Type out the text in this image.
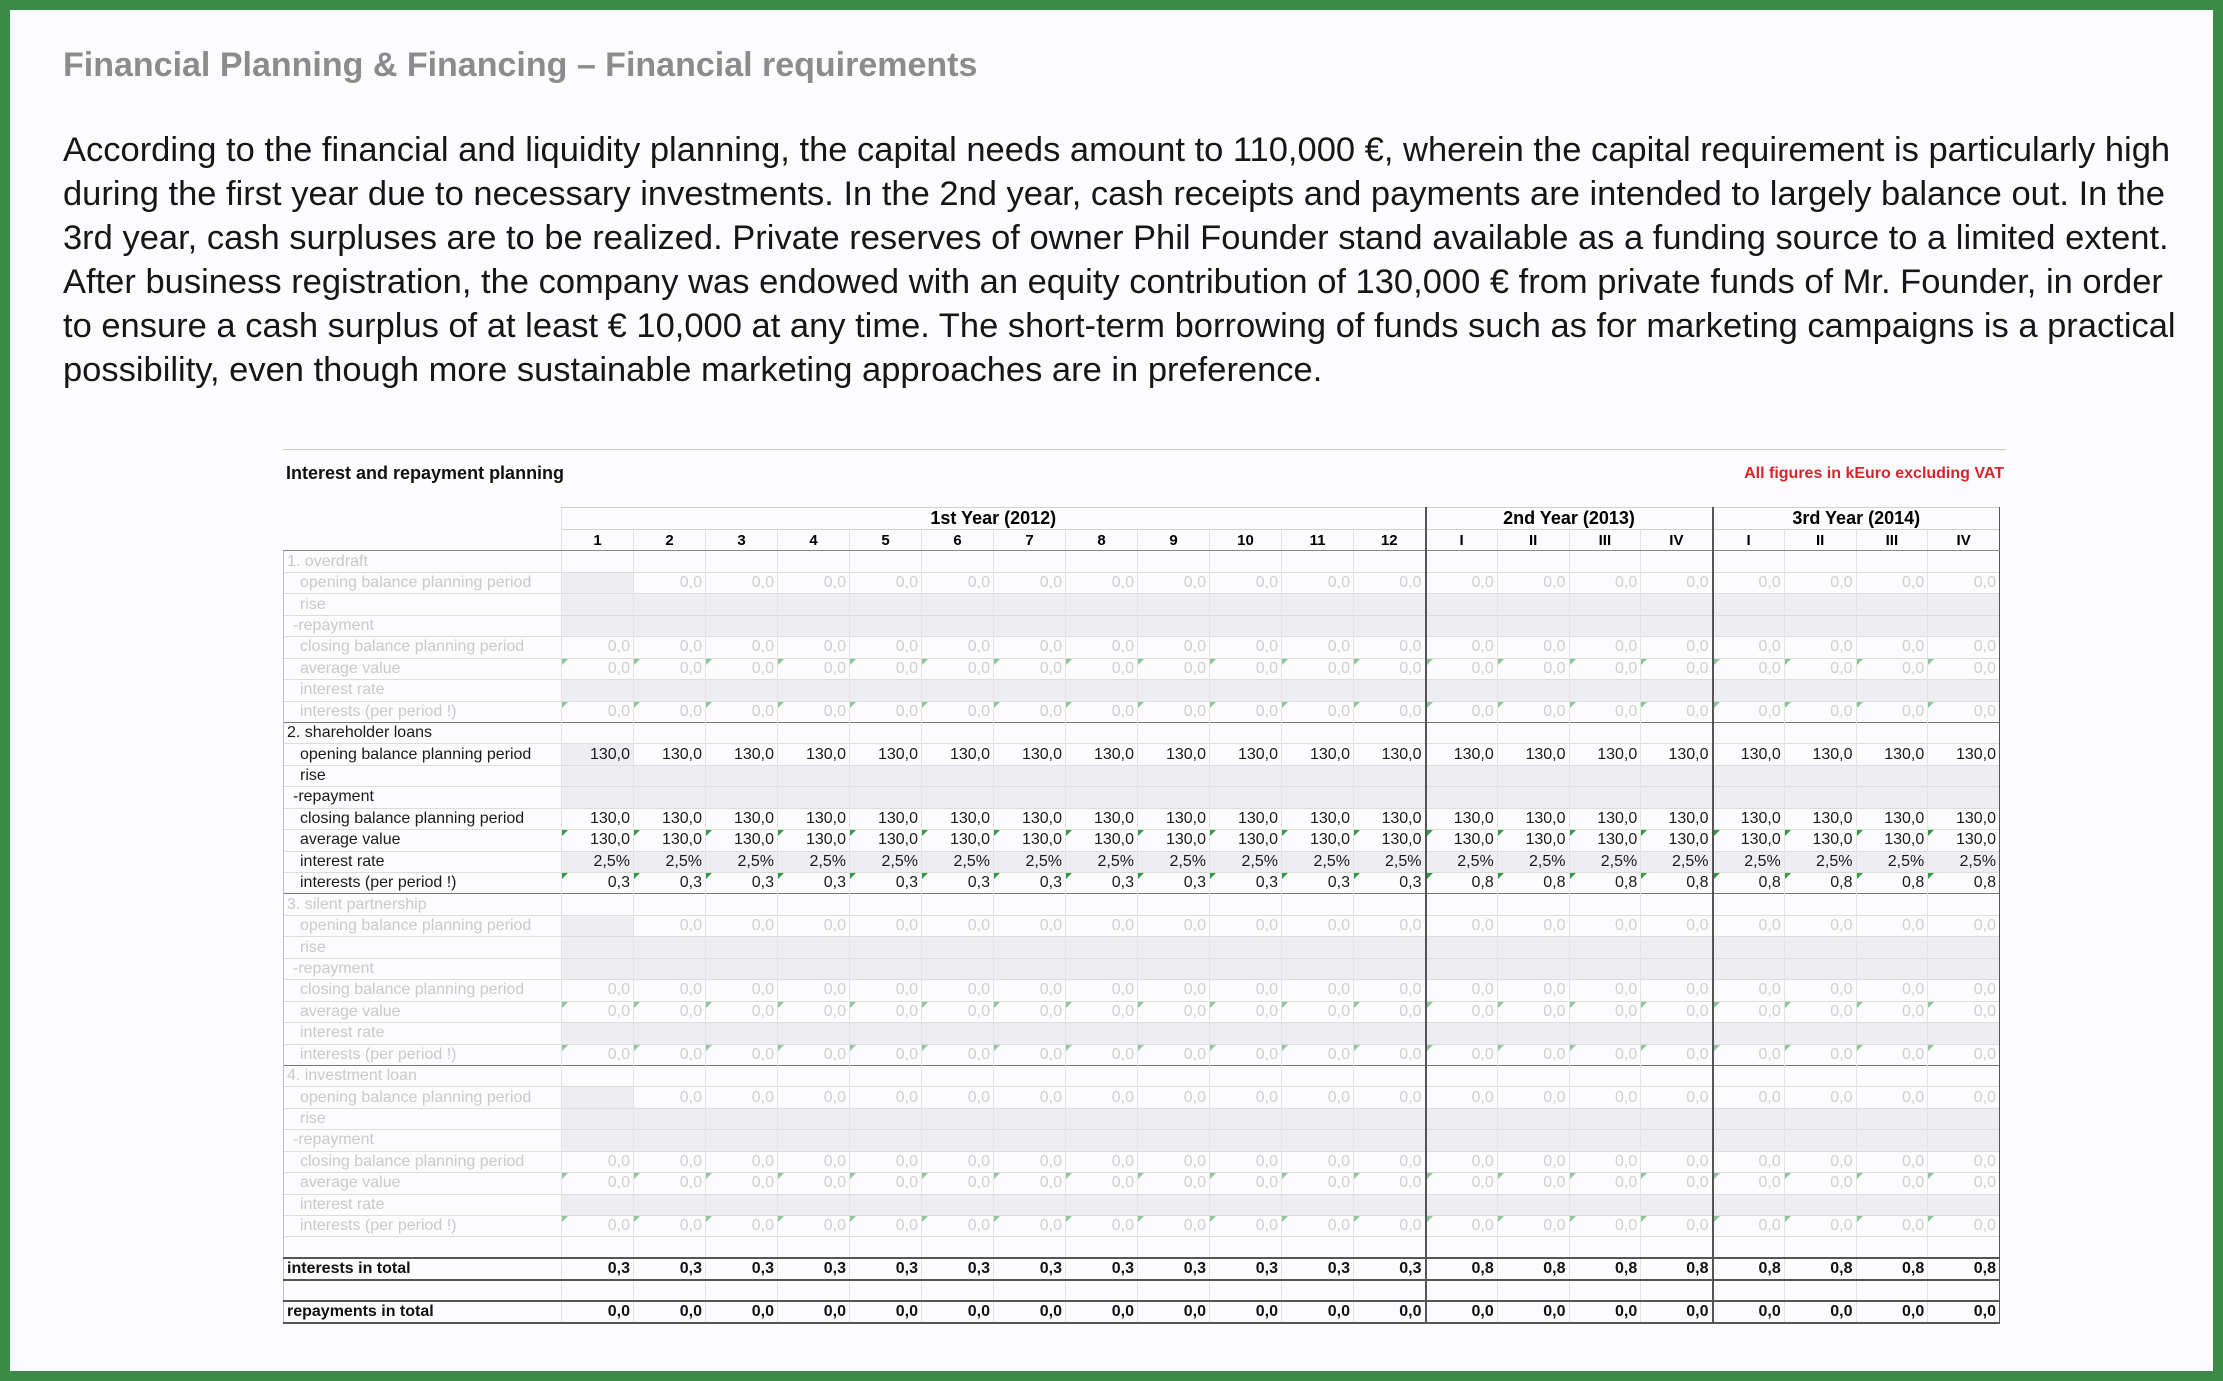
Financial Planning & Financing – Financial requirements
According to the financial and liquidity planning, the capital needs amount to 110,000 €, wherein the capital requirement is particularly high during the first year due to necessary investments. In the 2nd year, cash receipts and payments are intended to largely balance out. In the 3rd year, cash surpluses are to be realized. Private reserves of owner Phil Founder stand available as a funding source to a limited extent. After business registration, the company was endowed with an equity contribution of 130,000 € from private funds of Mr. Founder, in order to ensure a cash surplus of at least € 10,000 at any time. The short-term borrowing of funds such as for marketing campaigns is a practical possibility, even though more sustainable marketing approaches are in preference.
Interest and repayment planning	All figures in kEuro excluding VAT
	1st Year (2012)												2nd Year (2013)				3rd Year (2014)			
	1	2	3	4	5	6	7	8	9	10	11	12	I	II	III	IV	I	II	III	IV
1. overdraft																				
opening balance planning period		0,0	0,0	0,0	0,0	0,0	0,0	0,0	0,0	0,0	0,0	0,0	0,0	0,0	0,0	0,0	0,0	0,0	0,0	0,0
rise																				
-repayment																				
closing balance planning period	0,0	0,0	0,0	0,0	0,0	0,0	0,0	0,0	0,0	0,0	0,0	0,0	0,0	0,0	0,0	0,0	0,0	0,0	0,0	0,0
average value	0,0	0,0	0,0	0,0	0,0	0,0	0,0	0,0	0,0	0,0	0,0	0,0	0,0	0,0	0,0	0,0	0,0	0,0	0,0	0,0
interest rate																				
interests (per period !)	0,0	0,0	0,0	0,0	0,0	0,0	0,0	0,0	0,0	0,0	0,0	0,0	0,0	0,0	0,0	0,0	0,0	0,0	0,0	0,0
2. shareholder loans																				
opening balance planning period	130,0	130,0	130,0	130,0	130,0	130,0	130,0	130,0	130,0	130,0	130,0	130,0	130,0	130,0	130,0	130,0	130,0	130,0	130,0	130,0
rise																				
-repayment																				
closing balance planning period	130,0	130,0	130,0	130,0	130,0	130,0	130,0	130,0	130,0	130,0	130,0	130,0	130,0	130,0	130,0	130,0	130,0	130,0	130,0	130,0
average value	130,0	130,0	130,0	130,0	130,0	130,0	130,0	130,0	130,0	130,0	130,0	130,0	130,0	130,0	130,0	130,0	130,0	130,0	130,0	130,0
interest rate	2,5%	2,5%	2,5%	2,5%	2,5%	2,5%	2,5%	2,5%	2,5%	2,5%	2,5%	2,5%	2,5%	2,5%	2,5%	2,5%	2,5%	2,5%	2,5%	2,5%
interests (per period !)	0,3	0,3	0,3	0,3	0,3	0,3	0,3	0,3	0,3	0,3	0,3	0,3	0,8	0,8	0,8	0,8	0,8	0,8	0,8	0,8
3. silent partnership																				
opening balance planning period		0,0	0,0	0,0	0,0	0,0	0,0	0,0	0,0	0,0	0,0	0,0	0,0	0,0	0,0	0,0	0,0	0,0	0,0	0,0
rise																				
-repayment																				
closing balance planning period	0,0	0,0	0,0	0,0	0,0	0,0	0,0	0,0	0,0	0,0	0,0	0,0	0,0	0,0	0,0	0,0	0,0	0,0	0,0	0,0
average value	0,0	0,0	0,0	0,0	0,0	0,0	0,0	0,0	0,0	0,0	0,0	0,0	0,0	0,0	0,0	0,0	0,0	0,0	0,0	0,0
interest rate																				
interests (per period !)	0,0	0,0	0,0	0,0	0,0	0,0	0,0	0,0	0,0	0,0	0,0	0,0	0,0	0,0	0,0	0,0	0,0	0,0	0,0	0,0
4. investment loan																				
opening balance planning period		0,0	0,0	0,0	0,0	0,0	0,0	0,0	0,0	0,0	0,0	0,0	0,0	0,0	0,0	0,0	0,0	0,0	0,0	0,0
rise																				
-repayment																				
closing balance planning period	0,0	0,0	0,0	0,0	0,0	0,0	0,0	0,0	0,0	0,0	0,0	0,0	0,0	0,0	0,0	0,0	0,0	0,0	0,0	0,0
average value	0,0	0,0	0,0	0,0	0,0	0,0	0,0	0,0	0,0	0,0	0,0	0,0	0,0	0,0	0,0	0,0	0,0	0,0	0,0	0,0
interest rate																				
interests (per period !)	0,0	0,0	0,0	0,0	0,0	0,0	0,0	0,0	0,0	0,0	0,0	0,0	0,0	0,0	0,0	0,0	0,0	0,0	0,0	0,0

interests in total	0,3	0,3	0,3	0,3	0,3	0,3	0,3	0,3	0,3	0,3	0,3	0,3	0,8	0,8	0,8	0,8	0,8	0,8	0,8	0,8

repayments in total	0,0	0,0	0,0	0,0	0,0	0,0	0,0	0,0	0,0	0,0	0,0	0,0	0,0	0,0	0,0	0,0	0,0	0,0	0,0	0,0
